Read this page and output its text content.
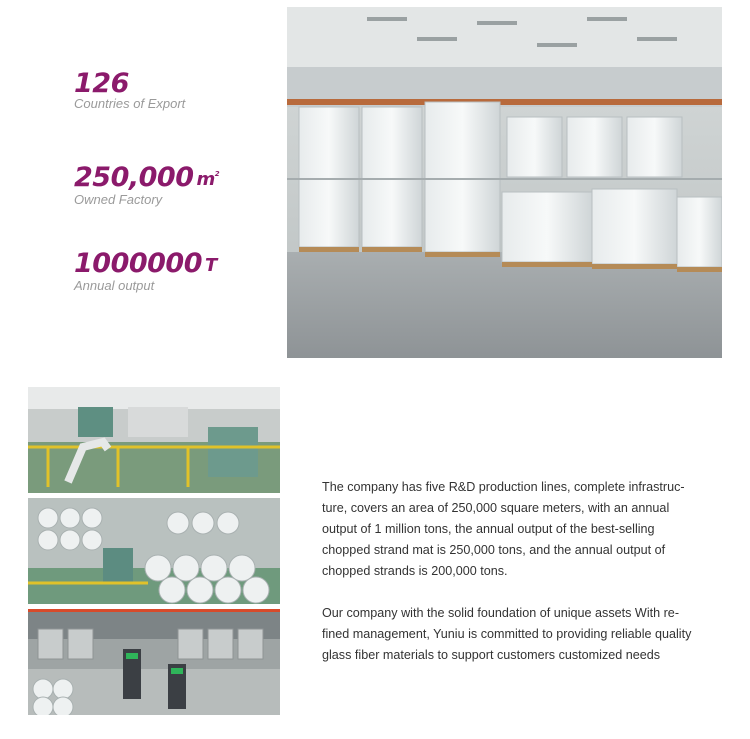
126
Countries of Export
250,000 $m^2$
Owned Factory
1000000 T
Annual output

The company has five R&D production lines, complete infrastruc-ture, covers an area of 250,000 square meters, with an annual output of 1 million tons, the annual output of the best-selling chopped strand mat is 250,000 tons, and the annual output of chopped strands is 200,000 tons.

Our company with the solid foundation of unique assets With re-fined management, Yuniu is committed to providing reliable quality glass fiber materials to support customers customized needs
